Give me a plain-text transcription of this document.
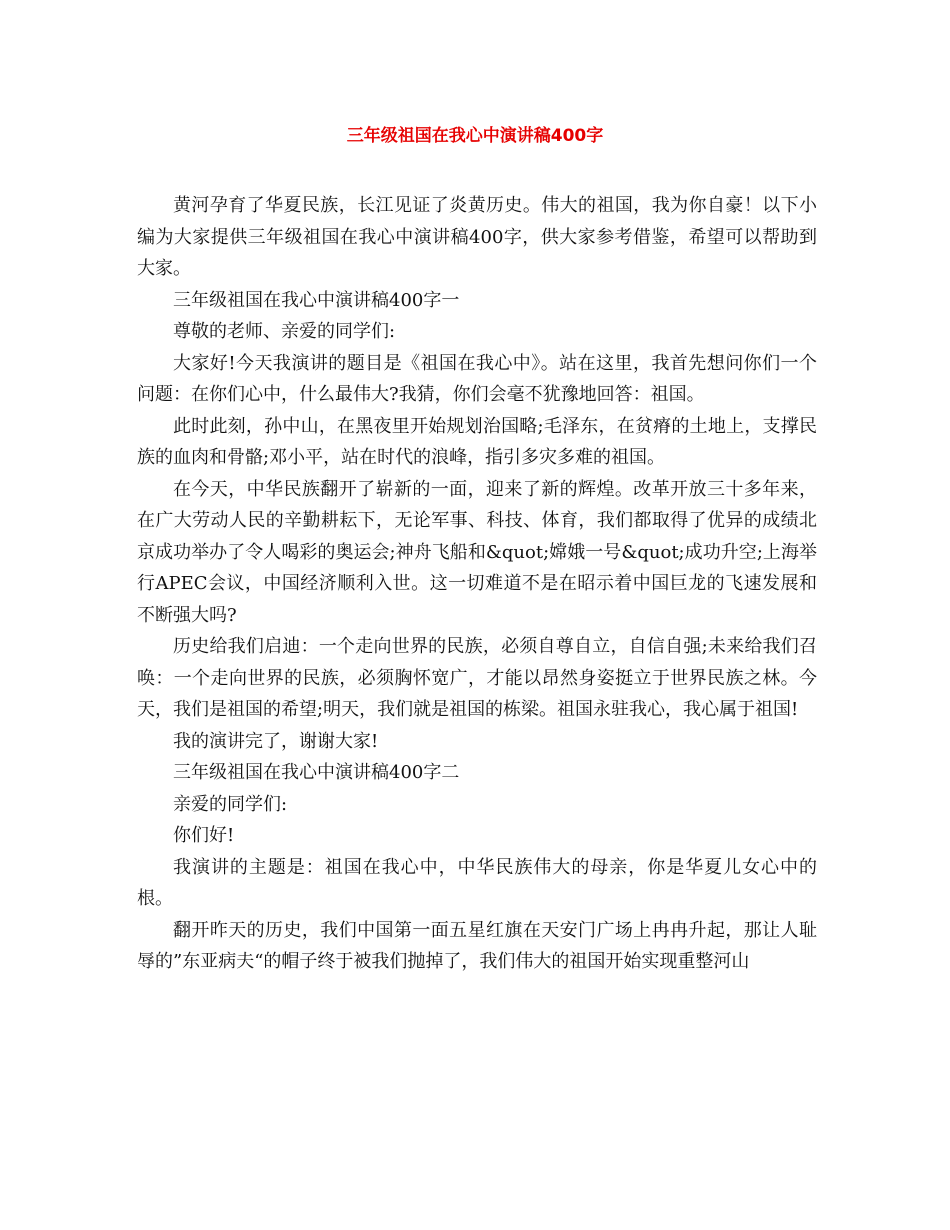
三年级祖国在我心中演讲稿400字

黄河孕育了华夏民族，长江见证了炎黄历史。伟大的祖国，我为你自豪！以下小编为大家提供三年级祖国在我心中演讲稿400字，供大家参考借鉴，希望可以帮助到大家。

三年级祖国在我心中演讲稿400字一

尊敬的老师、亲爱的同学们:

大家好!今天我演讲的题目是《祖国在我心中》。站在这里，我首先想问你们一个问题：在你们心中，什么最伟大?我猜，你们会毫不犹豫地回答：祖国。

此时此刻，孙中山，在黑夜里开始规划治国略;毛泽东，在贫瘠的土地上，支撑民族的血肉和骨骼;邓小平，站在时代的浪峰，指引多灾多难的祖国。

在今天，中华民族翻开了崭新的一面，迎来了新的辉煌。改革开放三十多年来，在广大劳动人民的辛勤耕耘下，无论军事、科技、体育，我们都取得了优异的成绩北京成功举办了令人喝彩的奥运会;神舟飞船和&quot;嫦娥一号&quot;成功升空;上海举行APEC会议，中国经济顺利入世。这一切难道不是在昭示着中国巨龙的飞速发展和不断强大吗?

历史给我们启迪：一个走向世界的民族，必须自尊自立，自信自强;未来给我们召唤：一个走向世界的民族，必须胸怀宽广，才能以昂然身姿挺立于世界民族之林。今天，我们是祖国的希望;明天，我们就是祖国的栋梁。祖国永驻我心，我心属于祖国!

我的演讲完了，谢谢大家!

三年级祖国在我心中演讲稿400字二

亲爱的同学们:

你们好!

我演讲的主题是：祖国在我心中，中华民族伟大的母亲，你是华夏儿女心中的根。

翻开昨天的历史，我们中国第一面五星红旗在天安门广场上冉冉升起，那让人耻辱的”东亚病夫“的帽子终于被我们抛掉了，我们伟大的祖国开始实现重整河山
